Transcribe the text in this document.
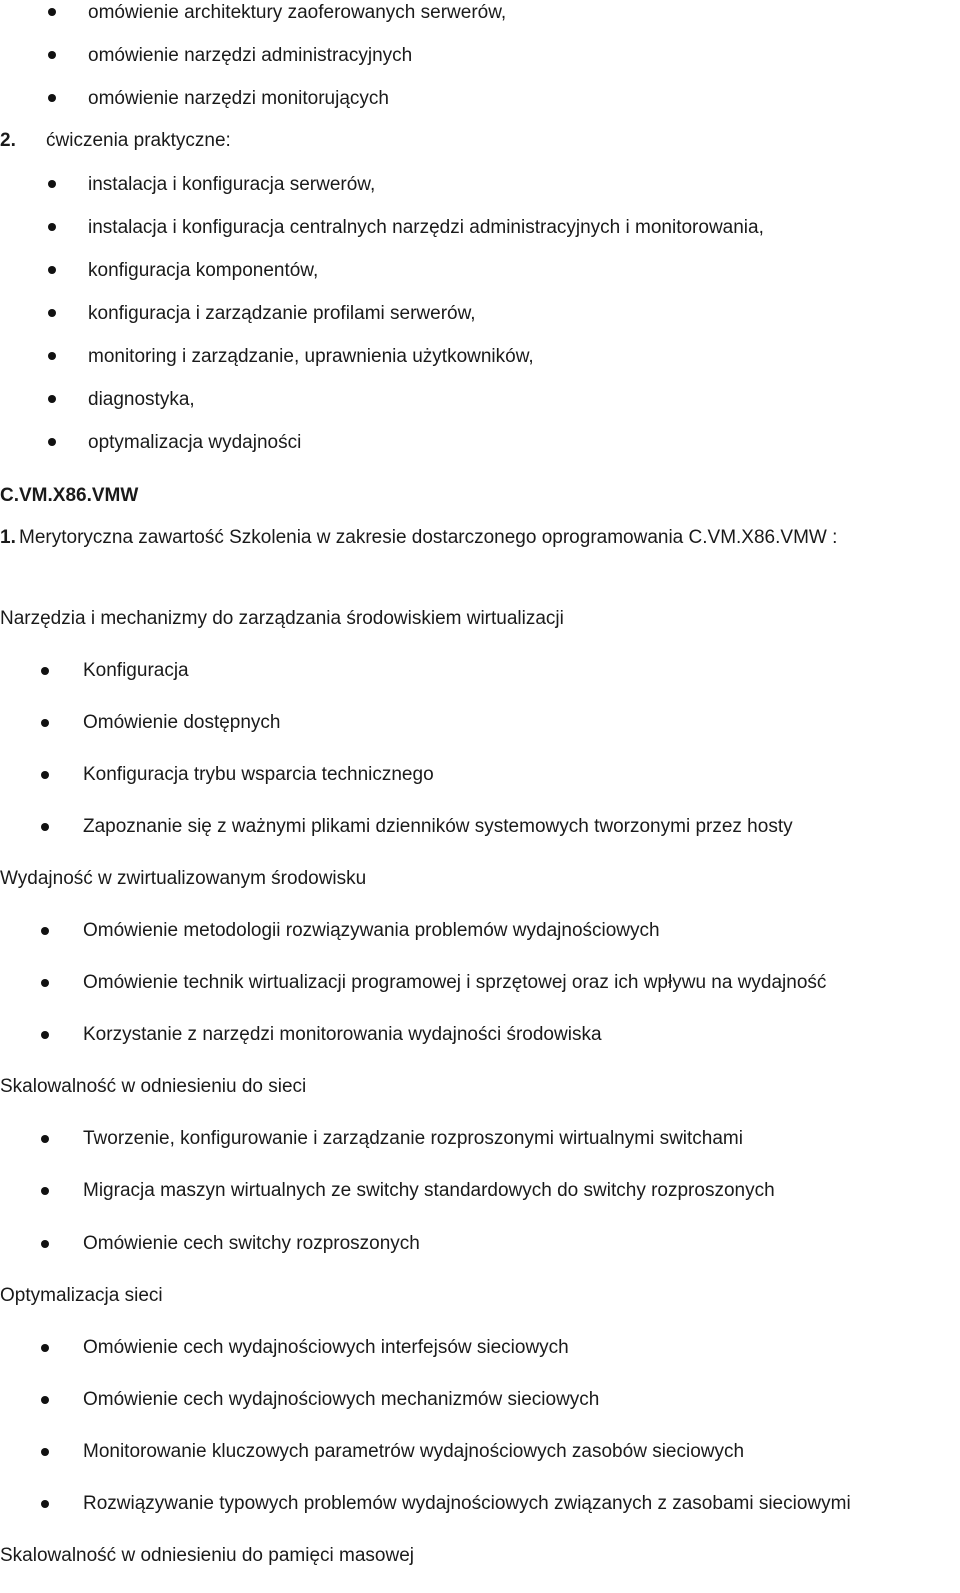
omówienie architektury zaoferowanych serwerów,
omówienie narzędzi administracyjnych
omówienie narzędzi monitorujących
2. ćwiczenia praktyczne:
instalacja i konfiguracja serwerów,
instalacja i konfiguracja centralnych narzędzi administracyjnych i monitorowania,
konfiguracja komponentów,
konfiguracja i zarządzanie profilami serwerów,
monitoring i zarządzanie, uprawnienia użytkowników,
diagnostyka,
optymalizacja wydajności
C.VM.X86.VMW
1. Merytoryczna zawartość Szkolenia w zakresie dostarczonego oprogramowania C.VM.X86.VMW :
Narzędzia i mechanizmy do zarządzania środowiskiem wirtualizacji
Konfiguracja
Omówienie dostępnych
Konfiguracja trybu wsparcia technicznego
Zapoznanie się z ważnymi plikami dzienników systemowych tworzonymi przez hosty
Wydajność w zwirtualizowanym środowisku
Omówienie metodologii rozwiązywania problemów wydajnościowych
Omówienie technik wirtualizacji programowej i sprzętowej oraz ich wpływu na wydajność
Korzystanie z narzędzi monitorowania wydajności środowiska
Skalowalność w odniesieniu do sieci
Tworzenie, konfigurowanie i zarządzanie rozproszonymi wirtualnymi switchami
Migracja maszyn wirtualnych ze switchy standardowych do switchy rozproszonych
Omówienie cech switchy rozproszonych
Optymalizacja sieci
Omówienie cech wydajnościowych interfejsów sieciowych
Omówienie cech wydajnościowych mechanizmów sieciowych
Monitorowanie kluczowych parametrów wydajnościowych zasobów sieciowych
Rozwiązywanie typowych problemów wydajnościowych związanych z zasobami sieciowymi
Skalowalność w odniesieniu do pamięci masowej
